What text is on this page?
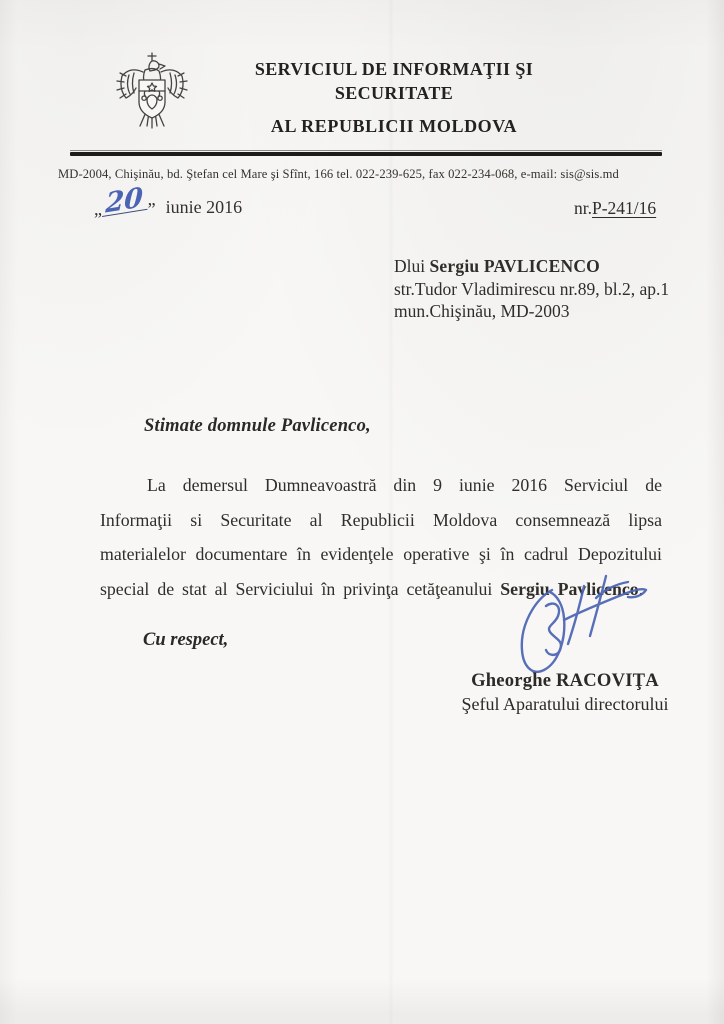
SERVICIUL DE INFORMAŢII ŞI SECURITATE
AL REPUBLICII MOLDOVA
MD-2004, Chişinău, bd. Ştefan cel Mare şi Sfînt, 166 tel. 022-239-625, fax 022-234-068, e-mail: sis@sis.md
„ 20 ” iunie 2016	nr.P-241/16
Dlui Sergiu PAVLICENCO
str.Tudor Vladimirescu nr.89, bl.2, ap.1
mun.Chişinău, MD-2003
Stimate domnule Pavlicenco,
La demersul Dumneavoastră din 9 iunie 2016 Serviciul de Informaţii si Securitate al Republicii Moldova consemnează lipsa materialelor documentare în evidenţele operative şi în cadrul Depozitului special de stat al Serviciului în privinţa cetăţeanului Sergiu Pavlicenco.
Cu respect,
Gheorghe RACOVIŢA
Şeful Aparatului directorului
